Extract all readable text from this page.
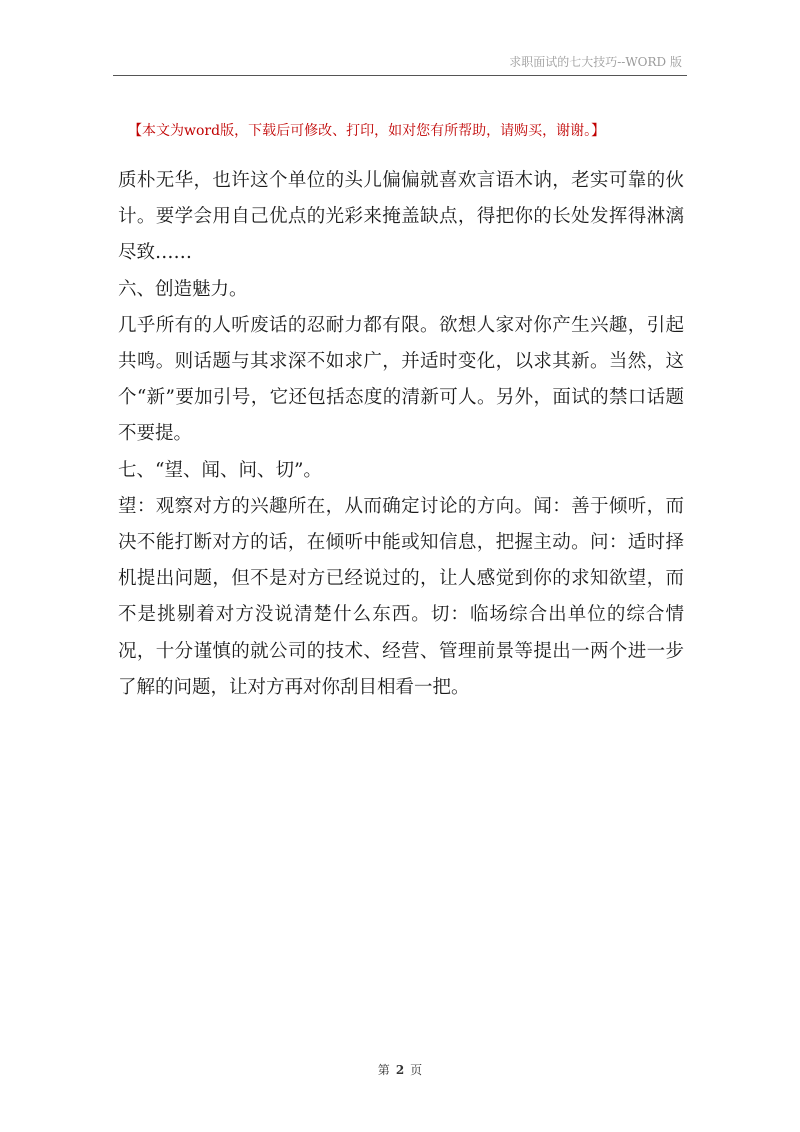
求职面试的七大技巧--WORD 版
【本文为word版，下载后可修改、打印，如对您有所帮助，请购买，谢谢。】

质朴无华，也许这个单位的头儿偏偏就喜欢言语木讷，老实可靠的伙计。要学会用自己优点的光彩来掩盖缺点，得把你的长处发挥得淋漓尽致……

六、创造魅力。

几乎所有的人听废话的忍耐力都有限。欲想人家对你产生兴趣，引起共鸣。则话题与其求深不如求广，并适时变化，以求其新。当然，这个“新”要加引号，它还包括态度的清新可人。另外，面试的禁口话题不要提。

七、“望、闻、问、切”。

望：观察对方的兴趣所在，从而确定讨论的方向。闻：善于倾听，而决不能打断对方的话，在倾听中能或知信息，把握主动。问：适时择机提出问题，但不是对方已经说过的，让人感觉到你的求知欲望，而不是挑剔着对方没说清楚什么东西。切：临场综合出单位的综合情况，十分谨慎的就公司的技术、经营、管理前景等提出一两个进一步了解的问题，让对方再对你刮目相看一把。

第 2 页
